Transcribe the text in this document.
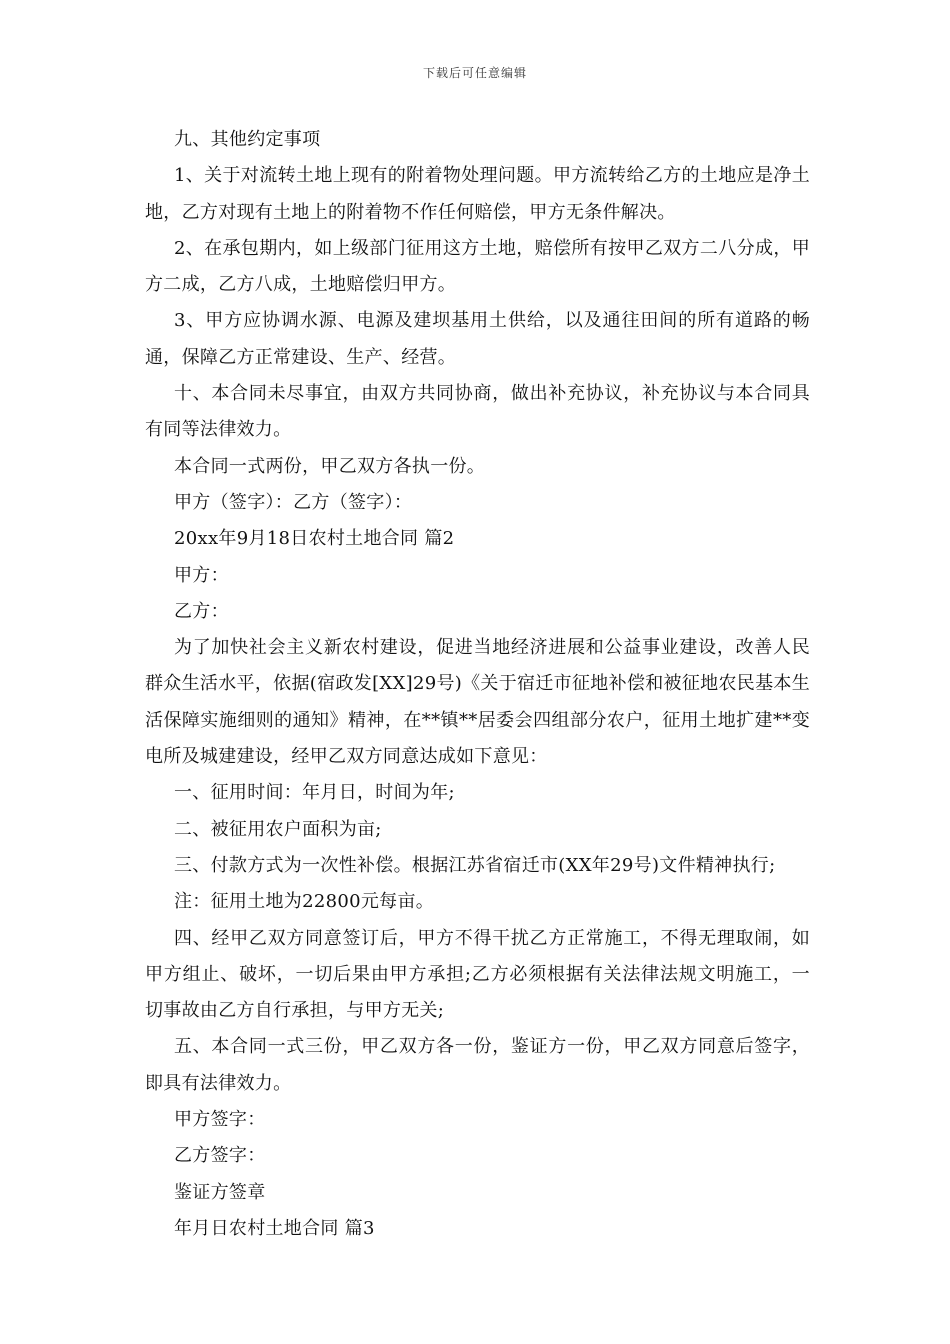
下载后可任意编辑

九、其他约定事项

1、关于对流转土地上现有的附着物处理问题。甲方流转给乙方的土地应是净土地，乙方对现有土地上的附着物不作任何赔偿，甲方无条件解决。

2、在承包期内，如上级部门征用这方土地，赔偿所有按甲乙双方二八分成，甲方二成，乙方八成，土地赔偿归甲方。

3、甲方应协调水源、电源及建坝基用土供给，以及通往田间的所有道路的畅通，保障乙方正常建设、生产、经营。

十、本合同未尽事宜，由双方共同协商，做出补充协议，补充协议与本合同具有同等法律效力。

本合同一式两份，甲乙双方各执一份。

甲方（签字）：乙方（签字）：

20xx年9月18日农村土地合同 篇2

甲方：

乙方：

为了加快社会主义新农村建设，促进当地经济进展和公益事业建设，改善人民群众生活水平，依据(宿政发[XX]29号)《关于宿迁市征地补偿和被征地农民基本生活保障实施细则的通知》精神，在**镇**居委会四组部分农户，征用土地扩建**变电所及城建建设，经甲乙双方同意达成如下意见：

一、征用时间：年月日，时间为年;

二、被征用农户面积为亩;

三、付款方式为一次性补偿。根据江苏省宿迁市(XX年29号)文件精神执行;

注：征用土地为22800元每亩。

四、经甲乙双方同意签订后，甲方不得干扰乙方正常施工，不得无理取闹，如甲方组止、破坏，一切后果由甲方承担;乙方必须根据有关法律法规文明施工，一切事故由乙方自行承担，与甲方无关;

五、本合同一式三份，甲乙双方各一份，鉴证方一份，甲乙双方同意后签字，即具有法律效力。

甲方签字：

乙方签字：

鉴证方签章

年月日农村土地合同 篇3
